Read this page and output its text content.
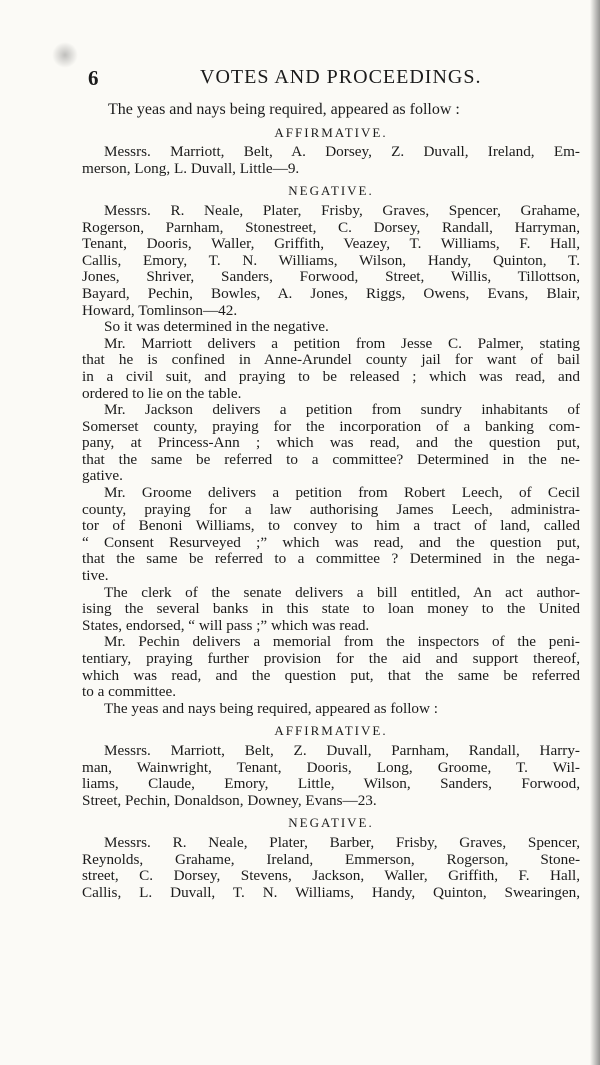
6	VOTES AND PROCEEDINGS.
The yeas and nays being required, appeared as follow :
AFFIRMATIVE.
Messrs. Marriott, Belt, A. Dorsey, Z. Duvall, Ireland, Em-
merson, Long, L. Duvall, Little—9.
NEGATIVE.
Messrs. R. Neale, Plater, Frisby, Graves, Spencer, Grahame,
Rogerson, Parnham, Stonestreet, C. Dorsey, Randall, Harryman,
Tenant, Dooris, Waller, Griffith, Veazey, T. Williams, F. Hall,
Callis, Emory, T. N. Williams, Wilson, Handy, Quinton, T.
Jones, Shriver, Sanders, Forwood, Street, Willis, Tillottson,
Bayard, Pechin, Bowles, A. Jones, Riggs, Owens, Evans, Blair,
Howard, Tomlinson—42.
So it was determined in the negative.
Mr. Marriott delivers a petition from Jesse C. Palmer, stating
that he is confined in Anne-Arundel county jail for want of bail
in a civil suit, and praying to be released ; which was read, and
ordered to lie on the table.
Mr. Jackson delivers a petition from sundry inhabitants of
Somerset county, praying for the incorporation of a banking com-
pany, at Princess-Ann ; which was read, and the question put,
that the same be referred to a committee? Determined in the ne-
gative.
Mr. Groome delivers a petition from Robert Leech, of Cecil
county, praying for a law authorising James Leech, administra-
tor of Benoni Williams, to convey to him a tract of land, called
“ Consent Resurveyed ;” which was read, and the question put,
that the same be referred to a committee ? Determined in the nega-
tive.
The clerk of the senate delivers a bill entitled, An act author-
ising the several banks in this state to loan money to the United
States, endorsed, “ will pass ;” which was read.
Mr. Pechin delivers a memorial from the inspectors of the peni-
tentiary, praying further provision for the aid and support thereof,
which was read, and the question put, that the same be referred
to a committee.
The yeas and nays being required, appeared as follow :
AFFIRMATIVE.
Messrs. Marriott, Belt, Z. Duvall, Parnham, Randall, Harry-
man, Wainwright, Tenant, Dooris, Long, Groome, T. Wil-
liams, Claude, Emory, Little, Wilson, Sanders, Forwood,
Street, Pechin, Donaldson, Downey, Evans—23.
NEGATIVE.
Messrs. R. Neale, Plater, Barber, Frisby, Graves, Spencer,
Reynolds, Grahame, Ireland, Emmerson, Rogerson, Stone-
street, C. Dorsey, Stevens, Jackson, Waller, Griffith, F. Hall,
Callis, L. Duvall, T. N. Williams, Handy, Quinton, Swearingen,
